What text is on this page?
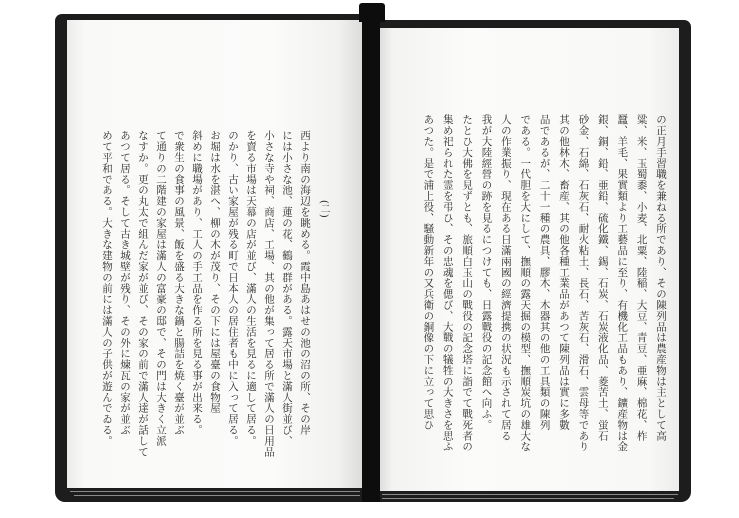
の正月手習職を兼ねる所であり、その陳列品は農産物は主として高
粱、米、玉蜀黍、小麦、北粟、陸稲、大豆、青豆、亜麻、棉花、柞
蠶、羊毛、果實類より工藝品に至り、有機化工品もあり、鑛産物は金
銀、銅、鉛、亜鉛、硫化鐵、錫、石炭、石炭液化品、菱苦土、蛍石
砂金、石綿、石灰石、耐火粘土、長石、苦灰石、滑石、雲母等であり
其の他林木、畜産、其の他各種工業品があつて陳列品は實に多數
品であるが、二十一種の農具、膠木、木器其の他の工具類の陳列
である。一代胆を大にして、撫順の露天掘の模型、撫順炭坑の雄大な
人の作業振り、現在ある日滿兩國の經濟提携の状況も示されて居る
我が大陸經營の跡を見るにつけても、日露戰役の記念館へ向ふ。
たとひ大佛を見ずとも、旅順白玉山の戰役の記念塔に詣でて戰死者の
集め祀られた霊を弔ひ、その忠魂を偲び、大戰の犠牲の大きさを思ふ
あつた。是で浦上役、騒動新年の又兵衛の銅像の下に立って思ひ
(二)
西より南の海辺を眺める。霞中島あはせの池の沼の所、その岸
には小さな池、蓮の花、鶴の群がある。露天市場と滿人街並び、
小さな寺や祠、商店、工場、其の他が集って居る所で滿人の日用品
を賣る市場は天幕の店が並び、滿人の生活を見るに適して居る。
のかり、古い家屋が残る町で日本人の居住者も中に入って居る。
お堀は水を湛へ、柳の木が茂り、その下には屋臺の食物屋
斜めに職場があり、工人の手工品を作る所を見る事が出来る。
で衆生の食事の風景、飯を盛る大きな鍋と腸詰を焼く臺が並ぶ
て通りの二階建の家屋は滿人の富豪の邸で、その門は大きく立派
なすか。更の丸太で組んだ家が並び、その家の前で滿人達が話して
あつて居る。そして古き城壁が残り、その外に煉瓦の家が並ぶ
めて平和である。大きな建物の前には滿人の子供が遊んでゐる。
